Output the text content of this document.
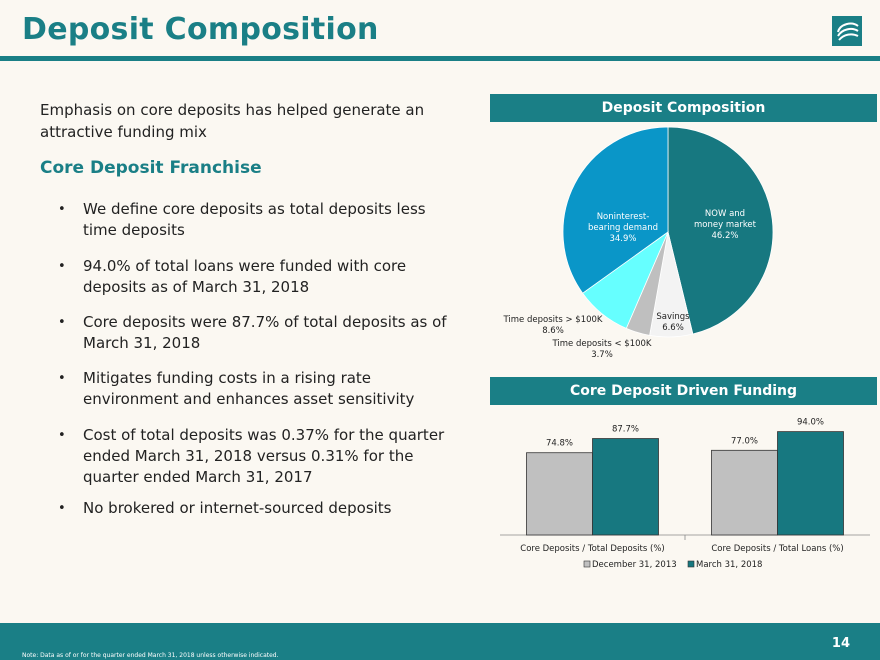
Deposit Composition
Emphasis on core deposits has helped generate an attractive funding mix
Core Deposit Franchise
• We define core deposits as total deposits less time deposits
• 94.0% of total loans were funded with core deposits as of March 31, 2018
• Core deposits were 87.7% of total deposits as of March 31, 2018
• Mitigates funding costs in a rising rate environment and enhances asset sensitivity
• Cost of total deposits was 0.37% for the quarter ended March 31, 2018 versus 0.31% for the quarter ended March 31, 2017
• No brokered or internet-sourced deposits
Deposit Composition
NOW and money market
46.2%
Savings
6.6%
Time deposits < $100K
3.7%
Time deposits > $100K
8.6%
Noninterest-bearing demand
34.9%
Core Deposit Driven Funding
74.8%
87.7%
Core Deposits / Total Deposits (%)
77.0%
94.0%
Core Deposits / Total Loans (%)
December 31, 2013 March 31, 2018
14
Note: Data as of or for the quarter ended March 31, 2018 unless otherwise indicated.
